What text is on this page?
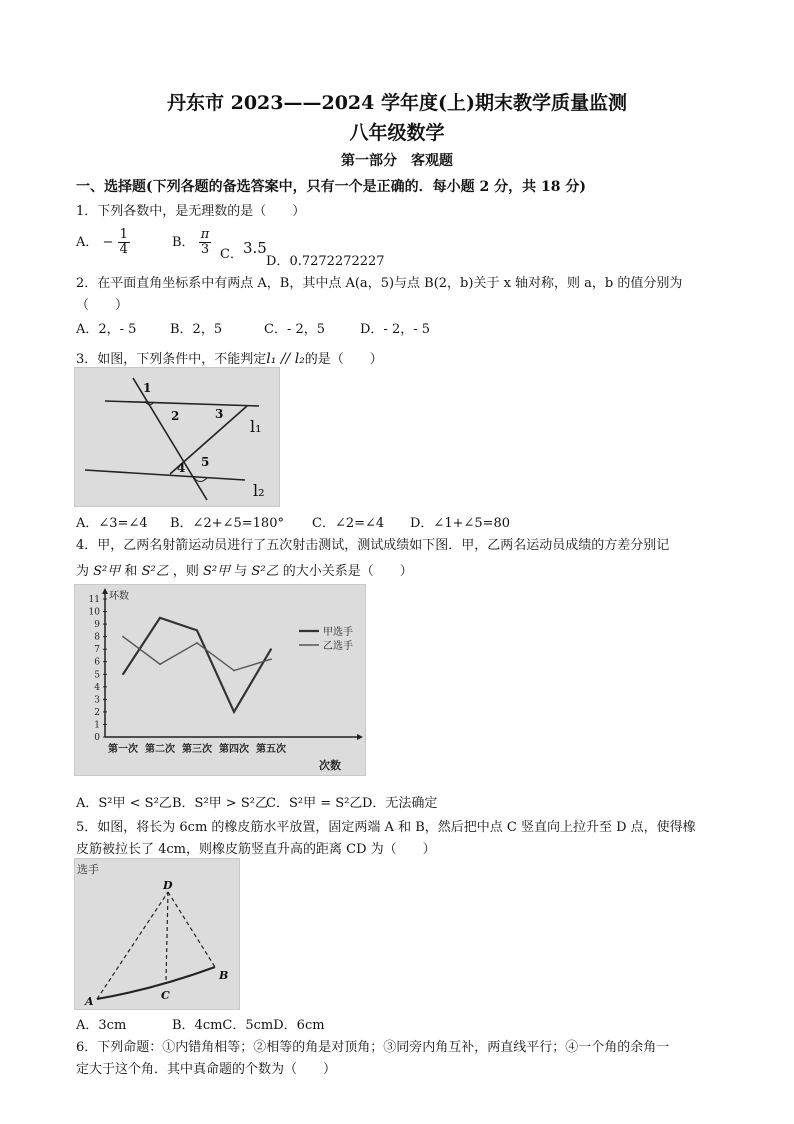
丹东市 2023——2024 学年度(上)期末教学质量监测
八年级数学
第一部分　客观题
一、选择题(下列各题的备选答案中，只有一个是正确的．每小题 2 分，共 18 分)
1．下列各数中，是无理数的是（　　）
A． − $\frac{1}{4}$	B． $\frac{\pi}{3}$ C．3.5
D．0.7272272227
2．在平面直角坐标系中有两点 A，B，其中点 A(a，5)与点 B(2，b)关于 x 轴对称，则 a，b 的值分别为
（　　）
A．2，- 5	B．2，5	C．- 2，5	D．- 2，- 5
3．如图，下列条件中，不能判定l₁ // l₂的是（　　）
1
2	3
4 5
l₁
l₂
A．∠3=∠4 B．∠2+∠5=180° C．∠2=∠4 D．∠1+∠5=80
4．甲，乙两名射箭运动员进行了五次射击测试，测试成绩如下图．甲，乙两名运动员成绩的方差分别记
为 S²甲 和 S²乙 ，则 S²甲 与 S²乙 的大小关系是（　　）
0
1
2
3
4
5
6
7
8
9
10
11 环数
第一次 第二次 第三次 第四次 第五次
次数
甲选手
乙选手
A．S²甲 < S²乙 B．S²甲 > S²乙
C．S²甲 = S²乙 D．无法确定
5．如图，将长为 6cm 的橡皮筋水平放置，固定两端 A 和 B，然后把中点 C 竖直向上拉升至 D 点，使得橡
皮筋被拉长了 4cm，则橡皮筋竖直升高的距离 CD 为（　　）
选手
D
C
A
B
A．3cm	B．4cmC．5cmD．6cm
6．下列命题：①内错角相等；②相等的角是对顶角；③同旁内角互补，两直线平行；④一个角的余角一
定大于这个角．其中真命题的个数为（　　）
